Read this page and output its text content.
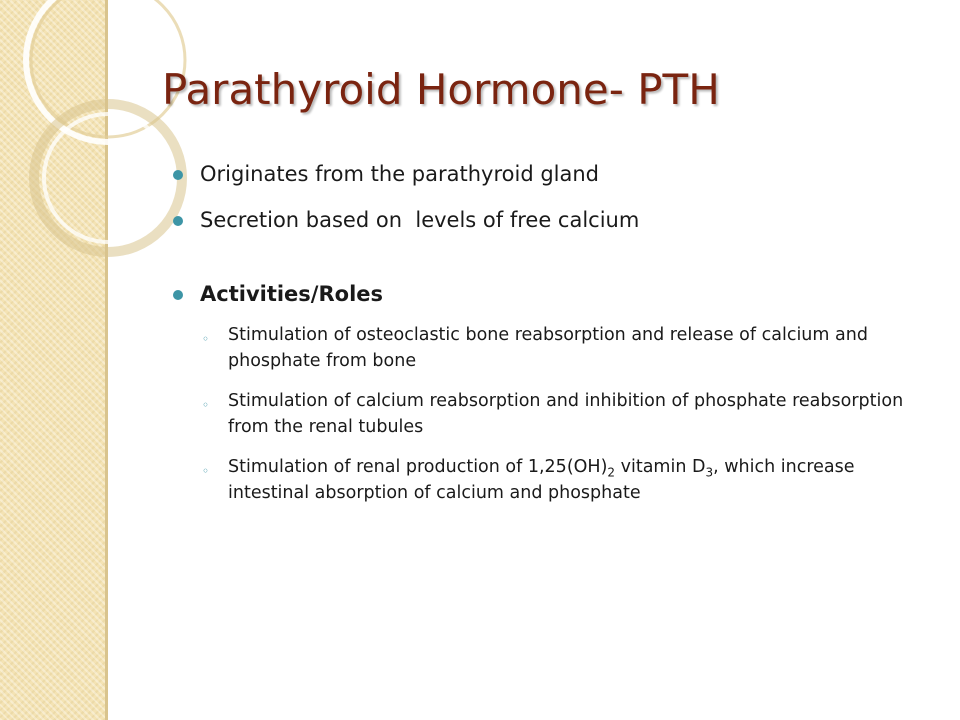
Parathyroid Hormone- PTH
Originates from the parathyroid gland
Secretion based on  levels of free calcium
Activities/Roles
◦ Stimulation of osteoclastic bone reabsorption and release of calcium and phosphate from bone
◦ Stimulation of calcium reabsorption and inhibition of phosphate reabsorption from the renal tubules
◦ Stimulation of renal production of $1,25(OH)_2$ vitamin $D_3$, which increase intestinal absorption of calcium and phosphate
